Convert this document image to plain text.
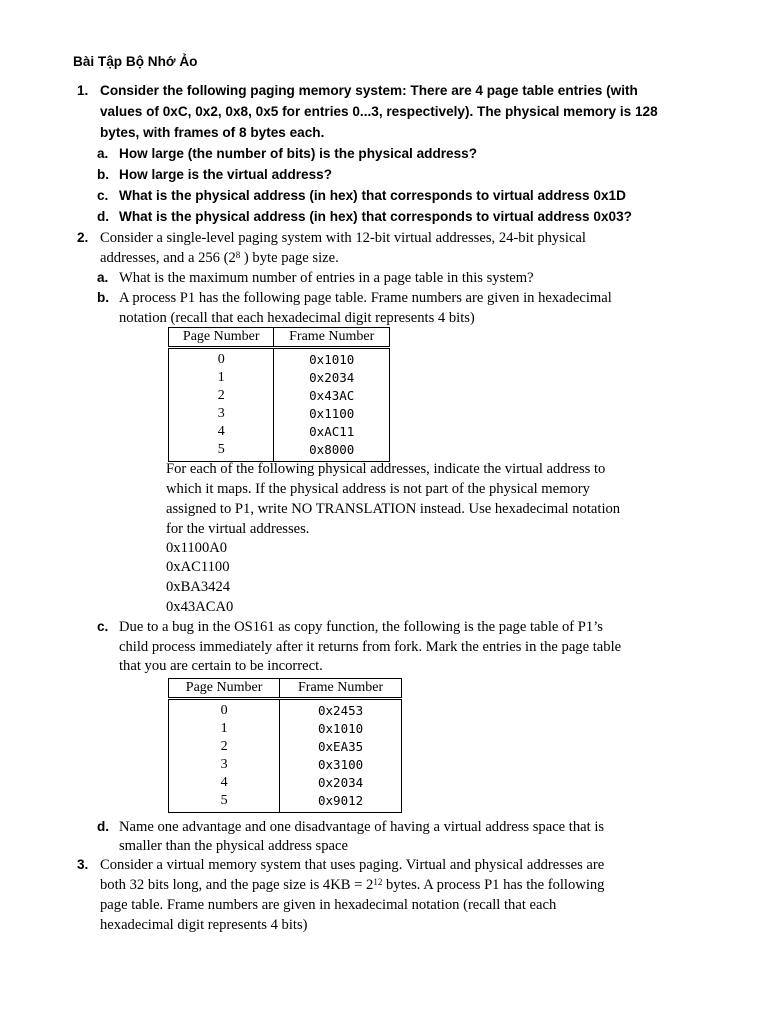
Bài Tập Bộ Nhớ Ảo
1. Consider the following paging memory system: There are 4 page table entries (with
values of 0xC, 0x2, 0x8, 0x5 for entries 0...3, respectively). The physical memory is 128
bytes, with frames of 8 bytes each.
a. How large (the number of bits) is the physical address?
b. How large is the virtual address?
c. What is the physical address (in hex) that corresponds to virtual address 0x1D
d. What is the physical address (in hex) that corresponds to virtual address 0x03?
2. Consider a single-level paging system with 12-bit virtual addresses, 24-bit physical
addresses, and a 256 ($2^8$ ) byte page size.
a. What is the maximum number of entries in a page table in this system?
b. A process P1 has the following page table. Frame numbers are given in hexadecimal
notation (recall that each hexadecimal digit represents 4 bits)
Page Number	Frame Number
0	0x1010
1	0x2034
2	0x43AC
3	0x1100
4	0xAC11
5	0x8000
For each of the following physical addresses, indicate the virtual address to
which it maps. If the physical address is not part of the physical memory
assigned to P1, write NO TRANSLATION instead. Use hexadecimal notation
for the virtual addresses.
0x1100A0
0xAC1100
0xBA3424
0x43ACA0
c. Due to a bug in the OS161 as copy function, the following is the page table of P1’s
child process immediately after it returns from fork. Mark the entries in the page table
that you are certain to be incorrect.
Page Number	Frame Number
0	0x2453
1	0x1010
2	0xEA35
3	0x3100
4	0x2034
5	0x9012
d. Name one advantage and one disadvantage of having a virtual address space that is
smaller than the physical address space
3. Consider a virtual memory system that uses paging. Virtual and physical addresses are
both 32 bits long, and the page size is $4KB = 2^{12}$ bytes. A process P1 has the following
page table. Frame numbers are given in hexadecimal notation (recall that each
hexadecimal digit represents 4 bits)
